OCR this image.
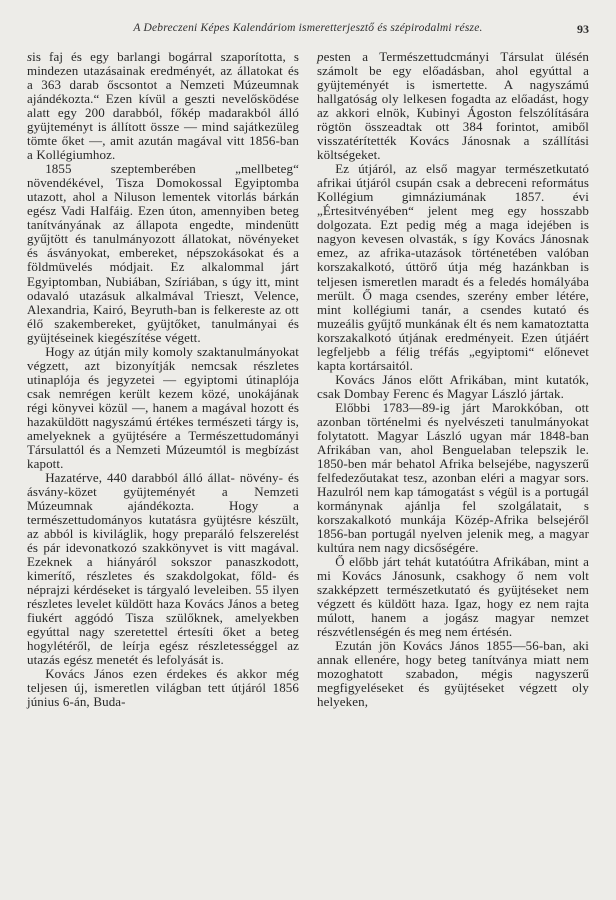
A Debreczeni Képes Kalendáriom ismeretterjesztő és szépirodalmi része.	93

sis faj és egy barlangi bogárral szaporította, s mindezen utazásainak eredményét, az állatokat és a 363 darab őscsontot a Nemzeti Múzeumnak ajándékozta.“ Ezen kívül a geszti nevelősködése alatt egy 200 darabból, főkép madarakból álló gyüjteményt is állított össze — mind sajátkezüleg tömte őket —, amit azután magával vitt 1856-ban a Kollégiumhoz.

1855 szeptemberében „mellbeteg“ növendékével, Tisza Domokossal Egyiptomba utazott, ahol a Niluson lementek vitorlás bárkán egész Vadi Halfáig. Ezen úton, amennyiben beteg tanítványának az állapota engedte, mindenütt gyűjtött és tanulmányozott állatokat, növényeket és ásványokat, embereket, népszokásokat és a földmüvelés módjait. Ez alkalommal járt Egyiptomban, Nubiában, Szíriában, s úgy itt, mint odavaló utazásuk alkalmával Trieszt, Velence, Alexandria, Kairó, Beyruth-ban is felkereste az ott élő szakembereket, gyüjtőket, tanulmányai és gyüjtéseinek kiegészítése végett.

Hogy az útján mily komoly szaktanulmányokat végzett, azt bizonyítják nemcsak részletes utinaplója és jegyzetei — egyiptomi útinaplója csak nemrégen került kezem közé, unokájának régi könyvei közül —, hanem a magával hozott és hazaküldött nagyszámú értékes természeti tárgy is, amelyeknek a gyüjtésére a Természettudományi Társulattól és a Nemzeti Múzeumtól is megbízást kapott.

Hazatérve, 440 darabból álló állat- növény- és ásvány-közet gyüjteményét a Nemzeti Múzeumnak ajándékozta. Hogy a természettudományos kutatásra gyüjtésre készült, az abból is kiviláglik, hogy preparáló felszerelést és pár idevonatkozó szakkönyvet is vitt magával. Ezeknek a hiányáról sokszor panaszkodott, kimerítő, részletes és szakdolgokat, főld- és néprajzi kérdéseket is tárgyaló leveleiben. 55 ilyen részletes levelet küldött haza Kovács János a beteg fiukért aggódó Tisza szülőknek, amelyekben egyúttal nagy szeretettel értesíti őket a beteg hogylétéről, de leírja egész részletességgel az utazás egész menetét és lefolyását is.

Kovács János ezen érdekes és akkor még teljesen új, ismeretlen világban tett útjáról 1856 június 6-án, Buda-

pesten a Természettudcmányi Társulat ülésén számolt be egy előadásban, ahol egyúttal a gyüjteményét is ismertette. A nagyszámú hallgatóság oly lelkesen fogadta az előadást, hogy az akkori elnök, Kubinyi Ágoston felszólítására rögtön összeadtak ott 384 forintot, amiből visszatérítették Kovács Jánosnak a szállítási költségeket.

Ez útjáról, az első magyar természetkutató afrikai útjáról csupán csak a debreceni református Kollégium gimnáziumának 1857. évi „Értesitvényében“ jelent meg egy hosszabb dolgozata. Ezt pedig még a maga idejében is nagyon kevesen olvasták, s így Kovács Jánosnak emez, az afrika-utazások történetében valóban korszakalkotó, úttörő útja még hazánkban is teljesen ismeretlen maradt és a feledés homályába merült. Ő maga csendes, szerény ember létére, mint kollégiumi tanár, a csendes kutató és muzeális gyűjtő munkának élt és nem kamatoztatta korszakalkotó útjának eredményeit. Ezen útjáért legfeljebb a félig tréfás „egyiptomi“ előnevet kapta kortársaitól.

Kovács János előtt Afrikában, mint kutatók, csak Dombay Ferenc és Magyar László jártak.

Előbbi 1783—89-ig járt Marokkóban, ott azonban történelmi és nyelvészeti tanulmányokat folytatott. Magyar László ugyan már 1848-ban Afrikában van, ahol Benguelaban telepszik le. 1850-ben már behatol Afrika belsejébe, nagyszerű felfedezőutakat tesz, azonban eléri a magyar sors. Hazulról nem kap támogatást s végül is a portugál kormánynak ajánlja fel szolgálatait, s korszakalkotó munkája Közép-Afrika belsejéről 1856-ban portugál nyelven jelenik meg, a magyar kultúra nem nagy dicsőségére.

Ő előbb járt tehát kutatóútra Afrikában, mint a mi Kovács Jánosunk, csakhogy ő nem volt szakképzett természetkutató és gyüjtéseket nem végzett és küldött haza. Igaz, hogy ez nem rajta múlott, hanem a jogász magyar nemzet részvétlenségén és meg nem értésén.

Ezután jön Kovács János 1855—56-ban, aki annak ellenére, hogy beteg tanítványa miatt nem mozoghatott szabadon, mégis nagyszerű megfigyeléseket és gyüjtéseket végzett oly helyeken,
